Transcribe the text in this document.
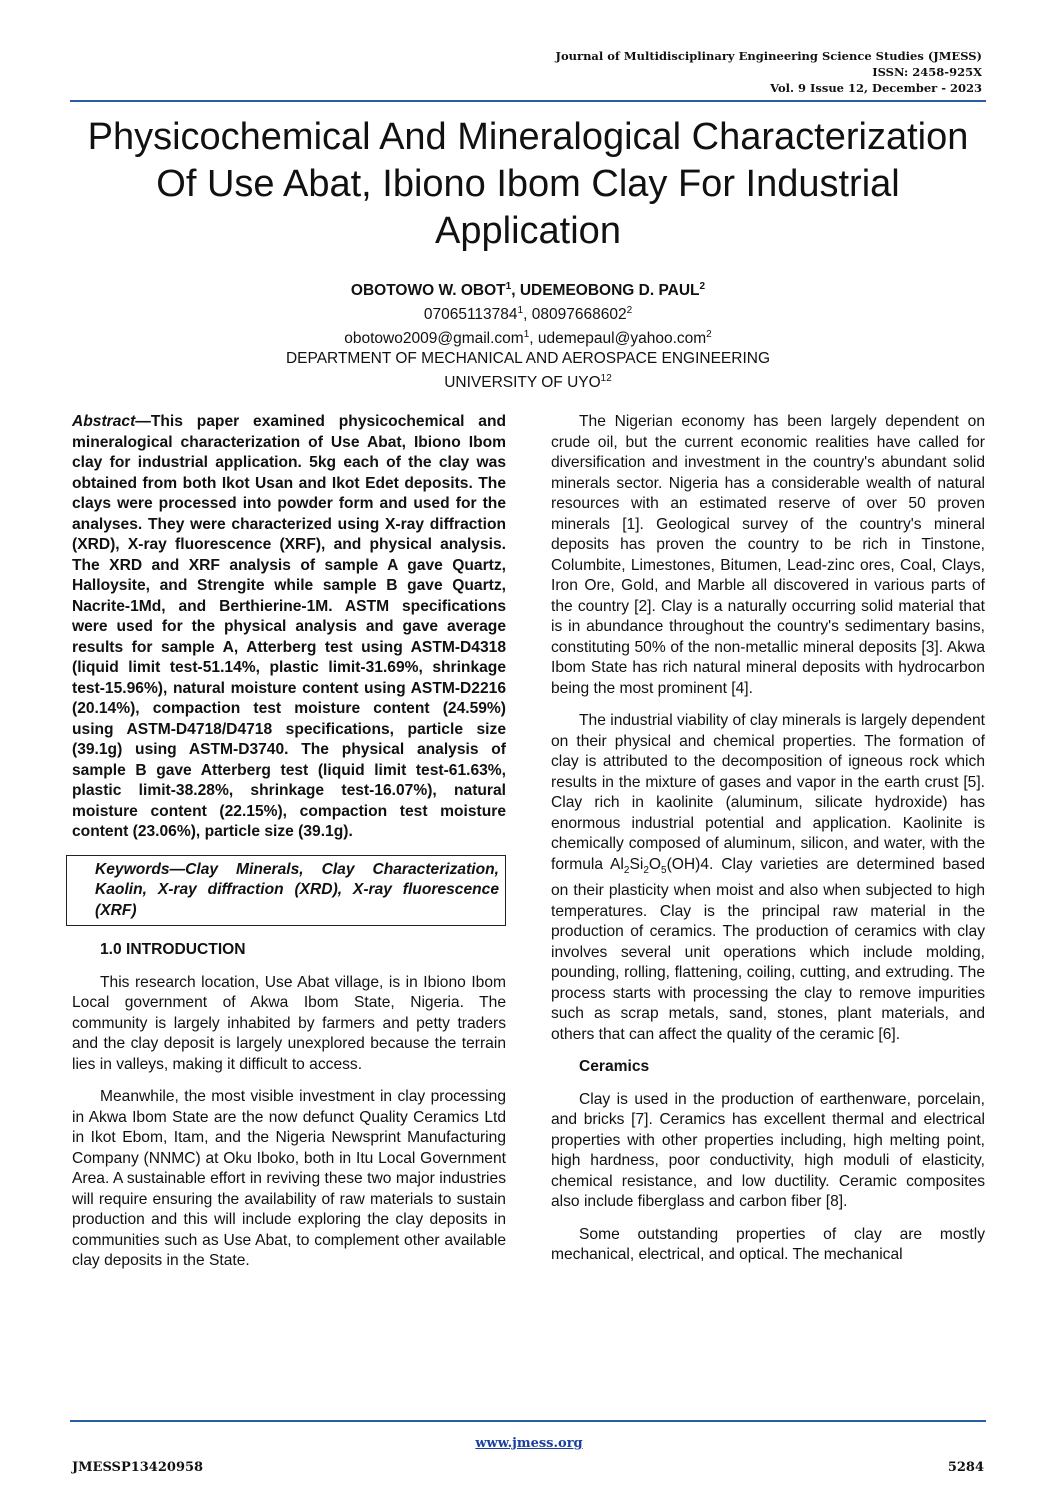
Journal of Multidisciplinary Engineering Science Studies (JMESS)
ISSN: 2458-925X
Vol. 9 Issue 12, December - 2023
Physicochemical And Mineralogical Characterization Of Use Abat, Ibiono Ibom Clay For Industrial Application
OBOTOWO W. OBOT$^1$, UDEMEOBONG D. PAUL$^2$
07065113784$^1$, 08097668602$^2$
obotowo2009@gmail.com$^1$, udemepaul@yahoo.com$^2$
DEPARTMENT OF MECHANICAL AND AEROSPACE ENGINEERING
UNIVERSITY OF UYO$^{12}$

Abstract—This paper examined physicochemical and mineralogical characterization of Use Abat, Ibiono Ibom clay for industrial application. 5kg each of the clay was obtained from both Ikot Usan and Ikot Edet deposits. The clays were processed into powder form and used for the analyses. They were characterized using X-ray diffraction (XRD), X-ray fluorescence (XRF), and physical analysis. The XRD and XRF analysis of sample A gave Quartz, Halloysite, and Strengite while sample B gave Quartz, Nacrite-1Md, and Berthierine-1M. ASTM specifications were used for the physical analysis and gave average results for sample A, Atterberg test using ASTM-D4318 (liquid limit test-51.14%, plastic limit-31.69%, shrinkage test-15.96%), natural moisture content using ASTM-D2216 (20.14%), compaction test moisture content (24.59%) using ASTM-D4718/D4718 specifications, particle size (39.1g) using ASTM-D3740. The physical analysis of sample B gave Atterberg test (liquid limit test-61.63%, plastic limit-38.28%, shrinkage test-16.07%), natural moisture content (22.15%), compaction test moisture content (23.06%), particle size (39.1g).

Keywords—Clay Minerals, Clay Characterization, Kaolin, X-ray diffraction (XRD), X-ray fluorescence (XRF)
1.0 INTRODUCTION

This research location, Use Abat village, is in Ibiono Ibom Local government of Akwa Ibom State, Nigeria. The community is largely inhabited by farmers and petty traders and the clay deposit is largely unexplored because the terrain lies in valleys, making it difficult to access.

Meanwhile, the most visible investment in clay processing in Akwa Ibom State are the now defunct Quality Ceramics Ltd in Ikot Ebom, Itam, and the Nigeria Newsprint Manufacturing Company (NNMC) at Oku Iboko, both in Itu Local Government Area. A sustainable effort in reviving these two major industries will require ensuring the availability of raw materials to sustain production and this will include exploring the clay deposits in communities such as Use Abat, to complement other available clay deposits in the State.

The Nigerian economy has been largely dependent on crude oil, but the current economic realities have called for diversification and investment in the country's abundant solid minerals sector. Nigeria has a considerable wealth of natural resources with an estimated reserve of over 50 proven minerals [1]. Geological survey of the country's mineral deposits has proven the country to be rich in Tinstone, Columbite, Limestones, Bitumen, Lead-zinc ores, Coal, Clays, Iron Ore, Gold, and Marble all discovered in various parts of the country [2]. Clay is a naturally occurring solid material that is in abundance throughout the country's sedimentary basins, constituting 50% of the non-metallic mineral deposits [3]. Akwa Ibom State has rich natural mineral deposits with hydrocarbon being the most prominent [4].

The industrial viability of clay minerals is largely dependent on their physical and chemical properties. The formation of clay is attributed to the decomposition of igneous rock which results in the mixture of gases and vapor in the earth crust [5]. Clay rich in kaolinite (aluminum, silicate hydroxide) has enormous industrial potential and application. Kaolinite is chemically composed of aluminum, silicon, and water, with the formula $Al_2Si_2O_5(OH)4$. Clay varieties are determined based on their plasticity when moist and also when subjected to high temperatures. Clay is the principal raw material in the production of ceramics. The production of ceramics with clay involves several unit operations which include molding, pounding, rolling, flattening, coiling, cutting, and extruding. The process starts with processing the clay to remove impurities such as scrap metals, sand, stones, plant materials, and others that can affect the quality of the ceramic [6].

Ceramics

Clay is used in the production of earthenware, porcelain, and bricks [7]. Ceramics has excellent thermal and electrical properties with other properties including, high melting point, high hardness, poor conductivity, high moduli of elasticity, chemical resistance, and low ductility. Ceramic composites also include fiberglass and carbon fiber [8].

Some outstanding properties of clay are mostly mechanical, electrical, and optical. The mechanical

www.jmess.org
JMESSP13420958	5284
